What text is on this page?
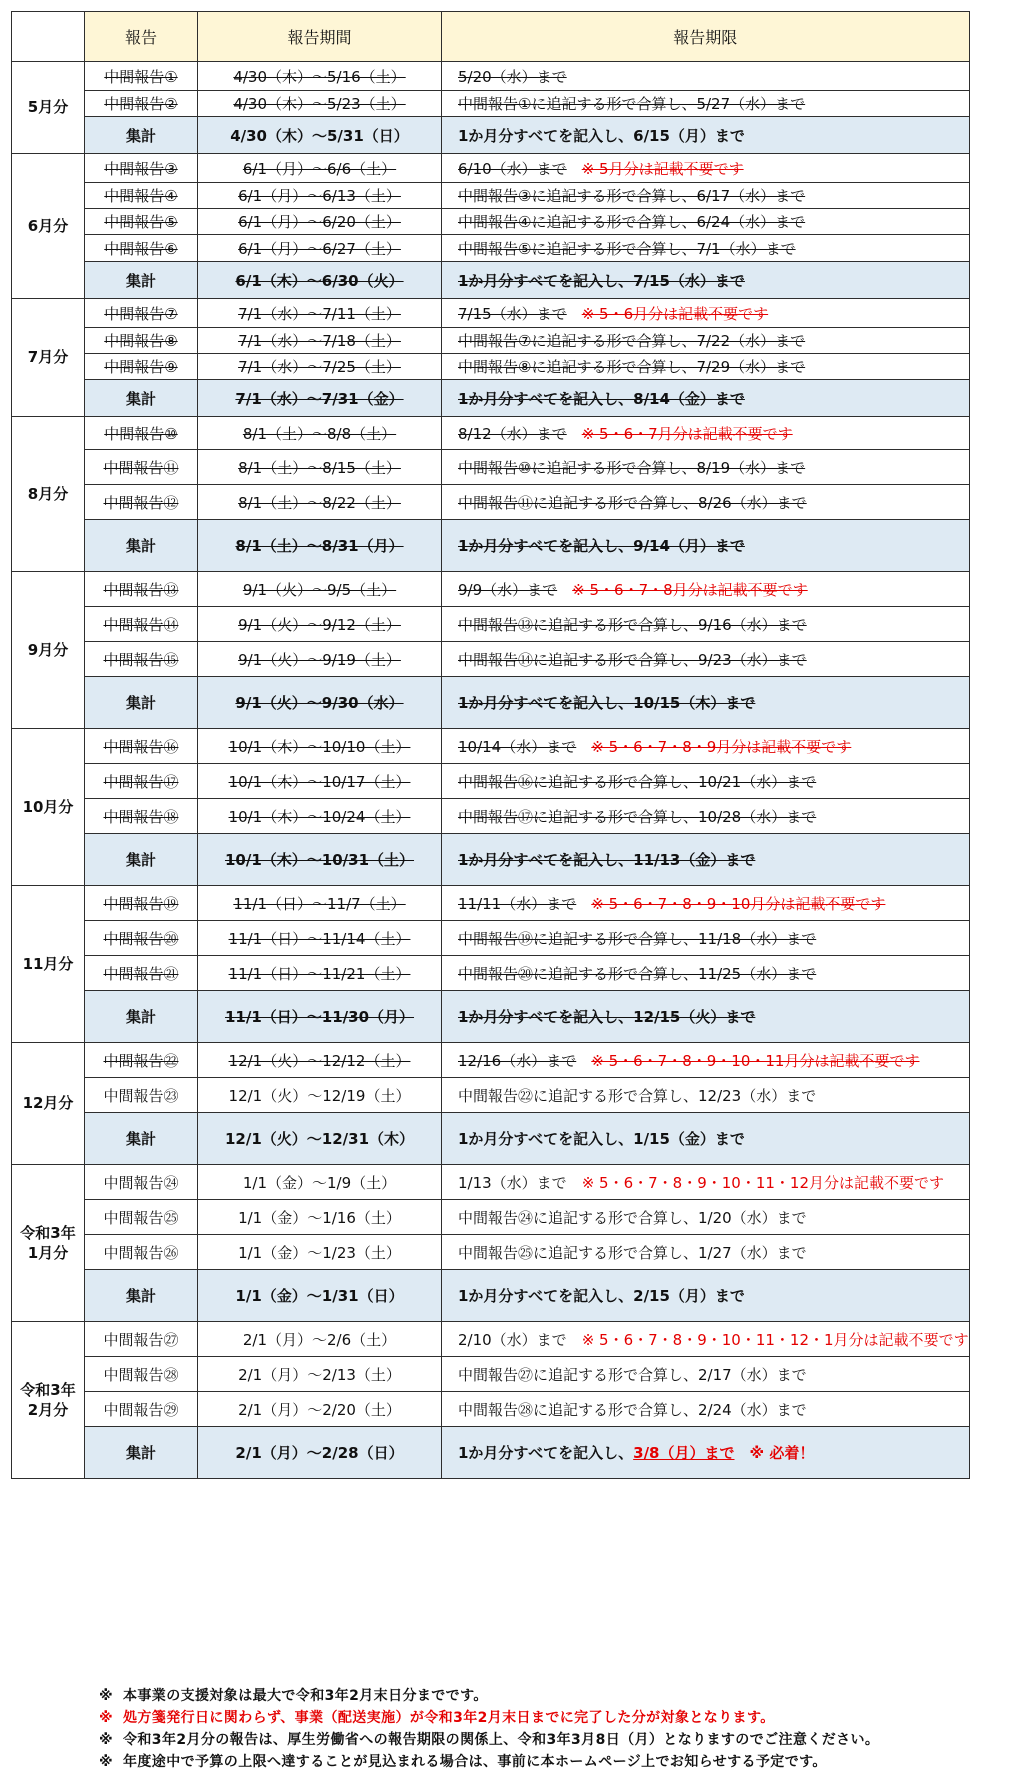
	報告	報告期間	報告期限
5月分	中間報告①	4/30（木）～5/16（土）	5/20（水）まで
	中間報告②	4/30（木）～5/23（土）	中間報告①に追記する形で合算し、5/27（水）まで
	集計	4/30（木）～5/31（日）	1か月分すべてを記入し、6/15（月）まで
6月分	中間報告③	6/1（月）～6/6（土）	6/10（水）まで　 ※ 5月分は記載不要です
	中間報告④	6/1（月）～6/13（土）	中間報告③に追記する形で合算し、6/17（水）まで
	中間報告⑤	6/1（月）～6/20（土）	中間報告④に追記する形で合算し、6/24（水）まで
	中間報告⑥	6/1（月）～6/27（土）	中間報告⑤に追記する形で合算し、7/1（水）まで
	集計	6/1（木）～6/30（火）	1か月分すべてを記入し、7/15（水）まで
7月分	中間報告⑦	7/1（水）～7/11（土）	7/15（水）まで　 ※ 5・6月分は記載不要です
	中間報告⑧	7/1（水）～7/18（土）	中間報告⑦に追記する形で合算し、7/22（水）まで
	中間報告⑨	7/1（水）～7/25（土）	中間報告⑧に追記する形で合算し、7/29（水）まで
	集計	7/1（水）～7/31（金）	1か月分すべてを記入し、8/14（金）まで
8月分	中間報告⑩	8/1（土）～8/8（土）	8/12（水）まで　 ※ 5・6・7月分は記載不要です
	中間報告⑪	8/1（土）～8/15（土）	中間報告⑩に追記する形で合算し、8/19（水）まで
	中間報告⑫	8/1（土）～8/22（土）	中間報告⑪に追記する形で合算し、8/26（水）まで
	集計	8/1（土）～8/31（月）	1か月分すべてを記入し、9/14（月）まで
9月分	中間報告⑬	9/1（火）～9/5（土）	9/9（水）まで　 ※ 5・6・7・8月分は記載不要です
	中間報告⑭	9/1（火）～9/12（土）	中間報告⑬に追記する形で合算し、9/16（水）まで
	中間報告⑮	9/1（火）～9/19（土）	中間報告⑭に追記する形で合算し、9/23（水）まで
	集計	9/1（火）～9/30（水）	1か月分すべてを記入し、10/15（木）まで
10月分	中間報告⑯	10/1（木）～10/10（土）	10/14（水）まで　 ※ 5・6・7・8・9月分は記載不要です
	中間報告⑰	10/1（木）～10/17（土）	中間報告⑯に追記する形で合算し、10/21（水）まで
	中間報告⑱	10/1（木）～10/24（土）	中間報告⑰に追記する形で合算し、10/28（水）まで
	集計	10/1（木）～10/31（土）	1か月分すべてを記入し、11/13（金）まで
11月分	中間報告⑲	11/1（日）～11/7（土）	11/11（水）まで　 ※ 5・6・7・8・9・10月分は記載不要です
	中間報告⑳	11/1（日）～11/14（土）	中間報告⑲に追記する形で合算し、11/18（水）まで
	中間報告㉑	11/1（日）～11/21（土）	中間報告⑳に追記する形で合算し、11/25（水）まで
	集計	11/1（日）～11/30（月）	1か月分すべてを記入し、12/15（火）まで
12月分	中間報告㉒	12/1（火）～12/12（土）	12/16（水）まで　 ※ 5・6・7・8・9・10・11月分は記載不要です
	中間報告㉓	12/1（火）～12/19（土）	中間報告㉒に追記する形で合算し、12/23（水）まで
	集計	12/1（火）～12/31（木）	1か月分すべてを記入し、1/15（金）まで
令和3年
1月分	中間報告㉔	1/1（金）～1/9（土）	1/13（水）まで　 ※ 5・6・7・8・9・10・11・12月分は記載不要です
	中間報告㉕	1/1（金）～1/16（土）	中間報告㉔に追記する形で合算し、1/20（水）まで
	中間報告㉖	1/1（金）～1/23（土）	中間報告㉕に追記する形で合算し、1/27（水）まで
	集計	1/1（金）～1/31（日）	1か月分すべてを記入し、2/15（月）まで
令和3年
2月分	中間報告㉗	2/1（月）～2/6（土）	2/10（水）まで　 ※ 5・6・7・8・9・10・11・12・1月分は記載不要です
	中間報告㉘	2/1（月）～2/13（土）	中間報告㉗に追記する形で合算し、2/17（水）まで
	中間報告㉙	2/1（月）～2/20（土）	中間報告㉘に追記する形で合算し、2/24（水）まで
	集計	2/1（月）～2/28（日）	1か月分すべてを記入し、3/8（月）まで　 ※ 必着！
※ 本事業の支援対象は最大で令和3年2月末日分までです。
※ 処方箋発行日に関わらず、事業（配送実施）が令和3年2月末日までに完了した分が対象となります。
※ 令和3年2月分の報告は、厚生労働省への報告期限の関係上、令和3年3月8日（月）となりますのでご注意ください。
※ 年度途中で予算の上限へ達することが見込まれる場合は、事前に本ホームページ上でお知らせする予定です。
